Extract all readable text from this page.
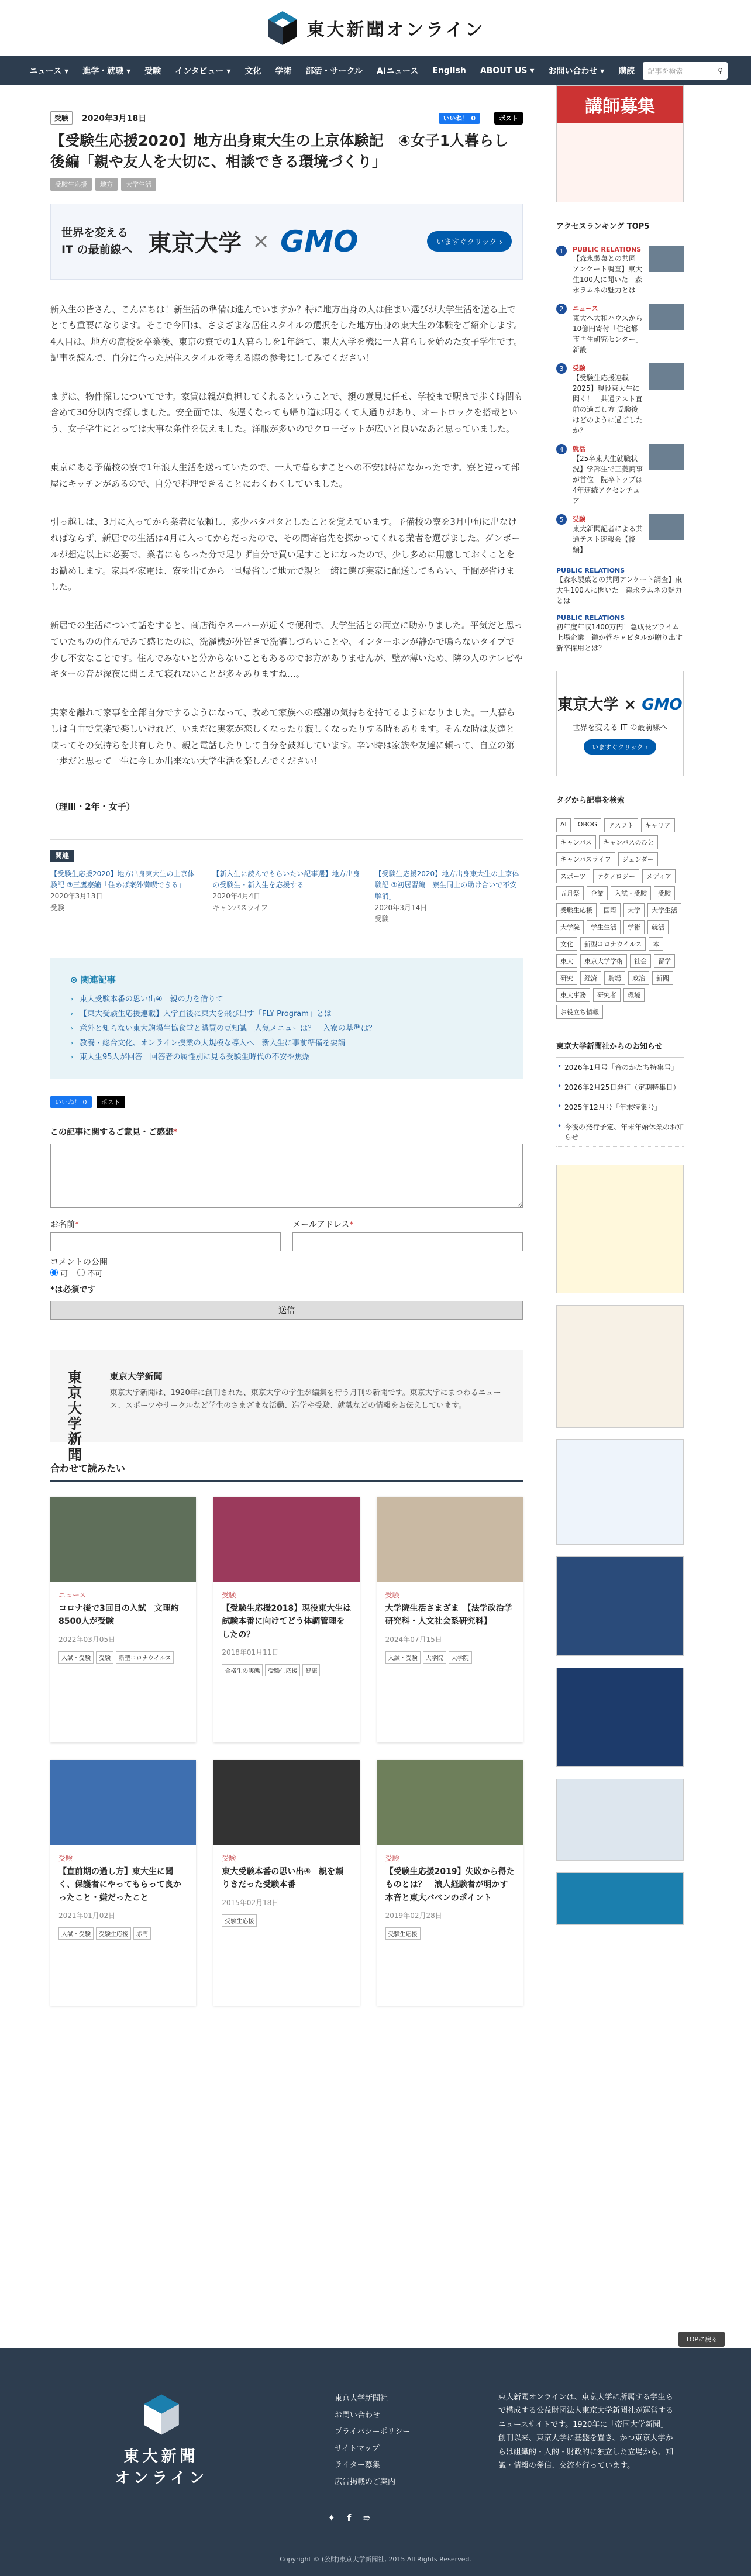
東大新聞オンライン
ニュース ▾	進学・就職 ▾	受験	インタビュー ▾	文化	学術	部活・サークル	AIニュース	English	ABOUT US ▾	お問い合わせ ▾	購読	記事を検索	⚲
受験	2020年3月18日	いいね！ 0	ポスト
【受験生応援2020】地方出身東大生の上京体験記　④女子1人暮らし後編「親や友人を大切に、相談できる環境づくり」
受験生応援	地方	大学生活
世界を変える IT の最前線へ 東京大学 × GMO	いますぐクリック ›

新入生の皆さん、こんにちは！新生活の準備は進んでいますか？特に地方出身の人は住まい選びが大学生活を送る上でとても重要になります。そこで今回は、さまざまな居住スタイルの選択をした地方出身の東大生の体験をご紹介します。4人目は、地方の高校を卒業後、東京の寮での1人暮らしを1年経て、東大入学を機に一人暮らしを始めた女子学生です。記事を読んで、自分に合った居住スタイルを考える際の参考にしてみてください！

まずは、物件探しについてです。家賃は親が負担してくれるということで、親の意見に任せ、学校まで駅まで歩く時間も含めて30分以内で探しました。安全面では、夜遅くなっても帰り道は明るくて人通りがあり、オートロックを搭載という、女子学生にとっては大事な条件を伝えました。洋服が多いのでクローゼットが広いと良いなあと思っていました。

東京にある予備校の寮で1年浪人生活を送っていたので、一人で暮らすことへの不安は特になかったです。寮と違って部屋にキッチンがあるので、自分で料理できることにわくわくしていました。

引っ越しは、3月に入ってから業者に依頼し、多少バタバタとしたことを覚えています。予備校の寮を3月中旬に出なければならず、新居での生活は4月に入ってからだったので、その間寄宿先を探かってくれる業者を選びました。ダンボールが想定以上に必要で、業者にもらった分で足りず自分で買い足すことになったので、少し多めに用意しておくことをお勧めします。家具や家電は、寮を出てから一旦帰省して地元で親と一緒に選び実家に配送してもらい、手間が省けました。

新居での生活について話をすると、商店街やスーパーが近くで便利で、大学生活との両立に助かりました。平気だと思っていたものの住んでみて感じたのは、洗濯機が外置きで洗濯しづらいことや、インターホンが静かで鳴らないタイプで少し不安なことです。住んでみないと分からないこともあるのでお方がありませんが、壁が薄いため、隣の人のテレビやギターの音が深夜に聞こえて寝れないことが多々ありますね…。

実家を離れて家事を全部自分でするようになって、改めて家族への感謝の気持ちを持てるようになりました。一人暮らしは自由で気楽で楽しいけれど、いまだに実家が恋しくなったり寂しくなったりする時もあります。そんな時は友達と喋ってその気持ちを共有したり、親と電話したりして自分を鼓舞しています。辛い時は家族や友達に頼って、自立の第一歩だと思って一生に今しか出来ない大学生活を楽しんでください！

（理Ⅲ・2年・女子）
関連
【受験生応援2020】地方出身東大生の上京体験記 ③三鷹寮編「住めば案外満喫できる」
2020年3月13日
受験
【新入生に読んでもらいたい記事選】地方出身の受験生・新入生を応援する
2020年4月4日
キャンパスライフ
【受験生応援2020】地方出身東大生の上京体験記 ②初居習編「寮生同士の助け合いで不安解消」
2020年3月14日
受験
⊙ 関連記事
› 東大受験本番の思い出④　親の力を借りて
› 【東大受験生応援連載】入学直後に東大を飛び出す「FLY Program」とは
› 意外と知らない東大駒場生協食堂と購買の豆知識　人気メニューは？　入寮の基準は？
› 教養・総合文化、オンライン授業の大規模な導入へ　新入生に事前準備を要請
› 東大生95人が回答　回答者の属性別に見る受験生時代の不安や焦燥
いいね！ 0	ポスト
この記事に関するご意見・ご感想*
お名前*	メールアドレス*
コメントの公開
可	不可
*は必須です
送信
東京大学新聞
東京大学新聞
東京大学新聞は、1920年に創刊された、東京大学の学生が編集を行う月刊の新聞です。東京大学にまつわるニュース、スポーツやサークルなど学生のさまざまな活動、進学や受験、就職などの情報をお伝えしています。
合わせて読みたい
ニュース
コロナ後で3回目の入試　文理約8500人が受験
2022年03月05日
入試・受験	受験	新型コロナウイルス
受験
【受験生応援2018】現役東大生は試験本番に向けてどう体調管理をしたの？
2018年01月11日
合格生の実態	受験生応援	健康
受験
大学院生活さまざま　【法学政治学研究科・人文社会系研究科】
2024年07月15日
入試・受験	大学院	大学院
受験
【直前期の過し方】東大生に聞く、保護者にやってもらって良かったこと・嫌だったこと
2021年01月02日
入試・受験	受験生応援	赤門
受験
東大受験本番の思い出④　親を頼りきだった受験本番
2015年02月18日
受験生応援
受験
【受験生応援2019】失敗から得たものとは？　浪人経験者が明かす本音と東大バベンのポイント
2019年02月28日
受験生応援
講師募集
アクセスランキング TOP5
1	PUBLIC RELATIONS
【森永製菓との共同アンケート調査】東大生100人に聞いた　森永ラムネの魅力とは
2	ニュース
東大へ大和ハウスから10億円寄付「住宅都市再生研究センター」新設
3	受験
【受験生応援連載2025】現役東大生に聞く！　共通テスト直前の過ごし方 受験後はどのように過ごしたか？
4	就活
【25卒東大生就職状況】学部生で三菱商事が首位　院卒トップは4年連続アクセンチュア
5	受験
東大新聞記者による共通テスト速報会【後編】
PUBLIC RELATIONS
【森永製菓との共同アンケート調査】東大生100人に聞いた　森永ラムネの魅力とは
PUBLIC RELATIONS
初年度年収1400万円！急成長プライム上場企業　鑽か菅キャピタルが贈り出す新卒採用とは？
東京大学 × GMO
世界を変える IT の最前線へ
いますぐクリック ›
タグから記事を検索
AI	OBOG	アスフト	キャリア
キャンパス	キャンパスのひと
キャンパスライフ	ジェンダー
スポーツ	テクノロジー	メディア
五月祭	企業	入試・受験	受験
受験生応援	国際	大学	大学生活
大学院	学生生活	学術	就活
文化	新型コロナウイルス	本
東大	東京大学学術	社会	留学
研究	経済	駒場	政治	新聞
東大事務	研究者	環境
お役立ち情報
東京大学新聞社からのお知らせ
• 2026年1月号「音のかたち特集号」
• 2026年2月25日発行（定期特集日）
• 2025年12月号「年末特集号」
• 今後の発行予定、年末年始休業のお知らせ
TOPに戻る
東大新聞
オンライン
東京大学新聞社
お問い合わせ
プライバシーポリシー
サイトマップ
ライター募集
広告掲載のご案内
東大新聞オンラインは、東京大学に所属する学生らで構成する公益財団法人東京大学新聞社が運営するニュースサイトです。1920年に「帝国大学新聞」創刊以来、東京大学に基盤を置き、かつ東京大学からは組織的・人的・財政的に独立した立場から、知識・情報の発信、交流を行っています。
✦ f ➱
Copyright © (公財)東京大学新聞社, 2015 All Rights Reserved.
